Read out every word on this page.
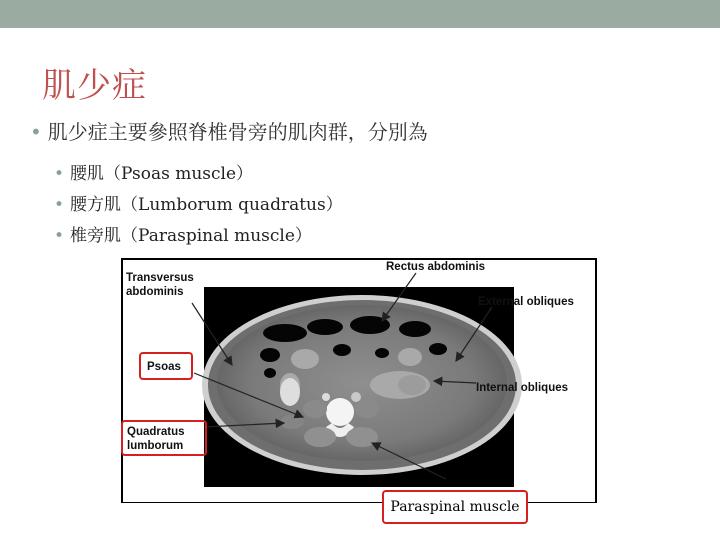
肌少症
• 肌少症主要參照脊椎骨旁的肌肉群，分別為
• 腰肌（Psoas muscle）
• 腰方肌（Lumborum quadratus）
• 椎旁肌（Paraspinal muscle）
Transversus
abdominis
Rectus abdominis
External obliques
Internal obliques
Psoas
Quadratus
lumborum
Paraspinal muscle
